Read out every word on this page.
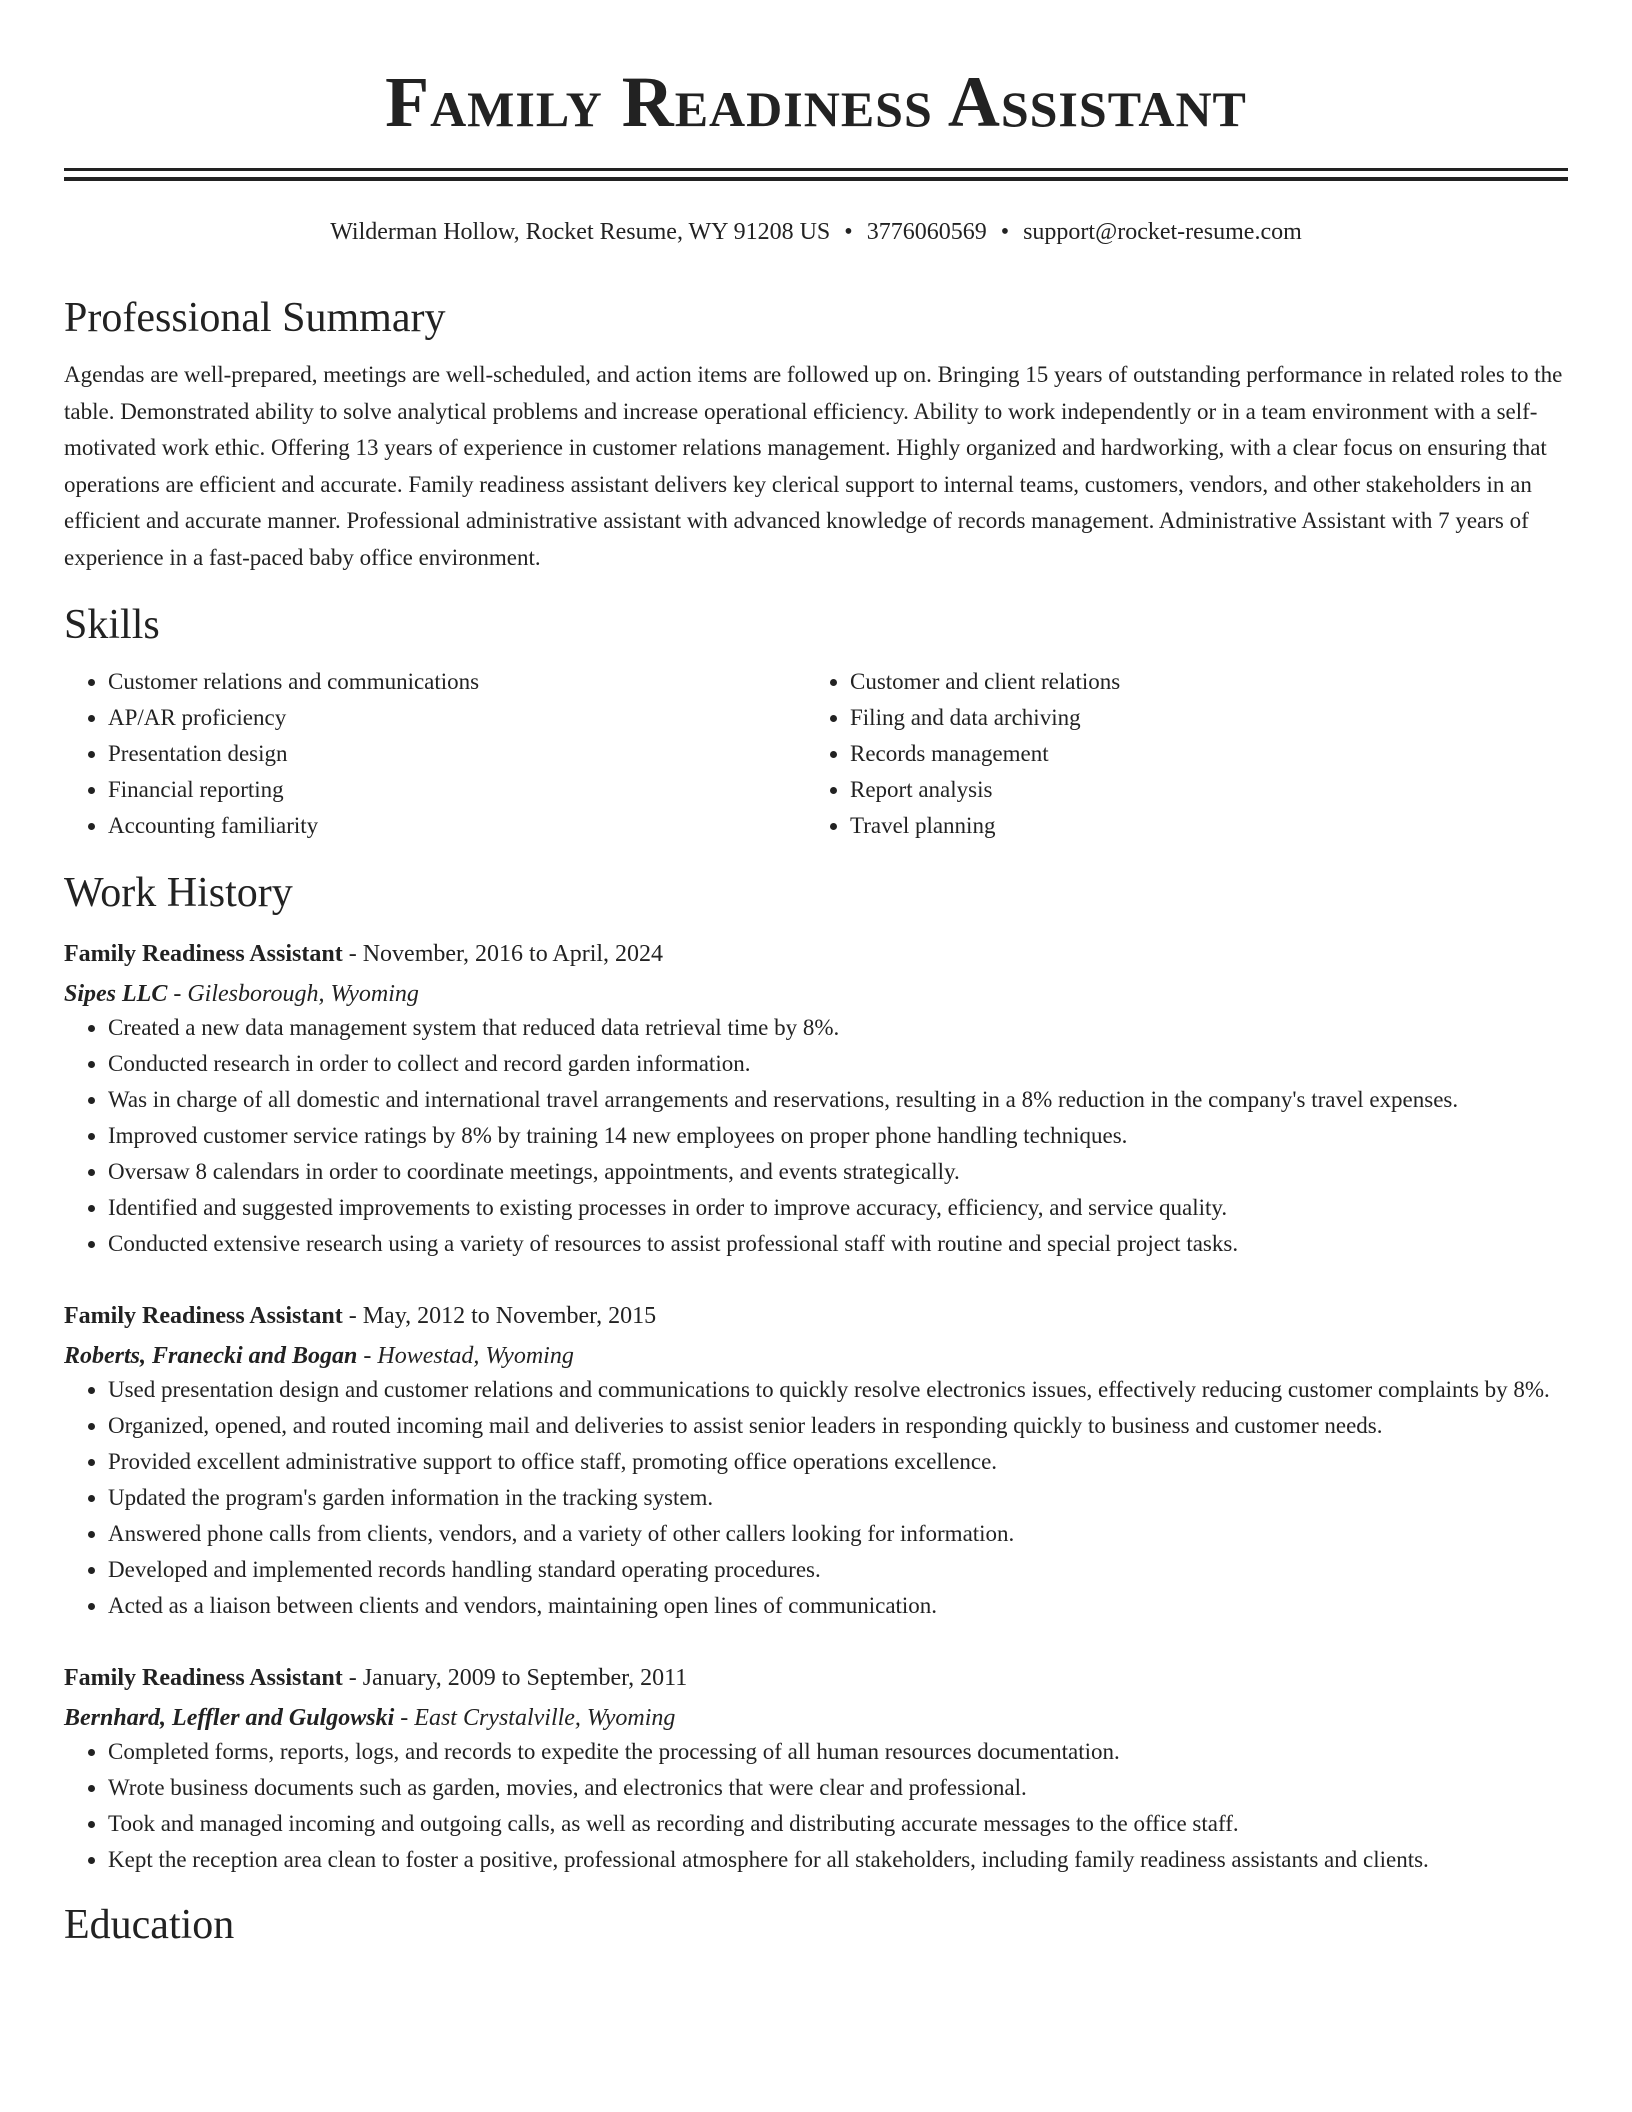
Family Readiness Assistant
Wilderman Hollow, Rocket Resume, WY 91208 US • 3776060569 • support@rocket-resume.com
Professional Summary

Agendas are well-prepared, meetings are well-scheduled, and action items are followed up on. Bringing 15 years of outstanding performance in related roles to the table. Demonstrated ability to solve analytical problems and increase operational efficiency. Ability to work independently or in a team environment with a self-motivated work ethic. Offering 13 years of experience in customer relations management. Highly organized and hardworking, with a clear focus on ensuring that operations are efficient and accurate. Family readiness assistant delivers key clerical support to internal teams, customers, vendors, and other stakeholders in an efficient and accurate manner. Professional administrative assistant with advanced knowledge of records management. Administrative Assistant with 7 years of experience in a fast-paced baby office environment.

Skills
• Customer relations and communications
• AP/AR proficiency
• Presentation design
• Financial reporting
• Accounting familiarity
• Customer and client relations
• Filing and data archiving
• Records management
• Report analysis
• Travel planning
Work History
Family Readiness Assistant - November, 2016 to April, 2024
Sipes LLC - Gilesborough, Wyoming
• Created a new data management system that reduced data retrieval time by 8%.
• Conducted research in order to collect and record garden information.
• Was in charge of all domestic and international travel arrangements and reservations, resulting in a 8% reduction in the company's travel expenses.
• Improved customer service ratings by 8% by training 14 new employees on proper phone handling techniques.
• Oversaw 8 calendars in order to coordinate meetings, appointments, and events strategically.
• Identified and suggested improvements to existing processes in order to improve accuracy, efficiency, and service quality.
• Conducted extensive research using a variety of resources to assist professional staff with routine and special project tasks.
Family Readiness Assistant - May, 2012 to November, 2015
Roberts, Franecki and Bogan - Howestad, Wyoming
• Used presentation design and customer relations and communications to quickly resolve electronics issues, effectively reducing customer complaints by 8%.
• Organized, opened, and routed incoming mail and deliveries to assist senior leaders in responding quickly to business and customer needs.
• Provided excellent administrative support to office staff, promoting office operations excellence.
• Updated the program's garden information in the tracking system.
• Answered phone calls from clients, vendors, and a variety of other callers looking for information.
• Developed and implemented records handling standard operating procedures.
• Acted as a liaison between clients and vendors, maintaining open lines of communication.
Family Readiness Assistant - January, 2009 to September, 2011
Bernhard, Leffler and Gulgowski - East Crystalville, Wyoming
• Completed forms, reports, logs, and records to expedite the processing of all human resources documentation.
• Wrote business documents such as garden, movies, and electronics that were clear and professional.
• Took and managed incoming and outgoing calls, as well as recording and distributing accurate messages to the office staff.
• Kept the reception area clean to foster a positive, professional atmosphere for all stakeholders, including family readiness assistants and clients.
Education
